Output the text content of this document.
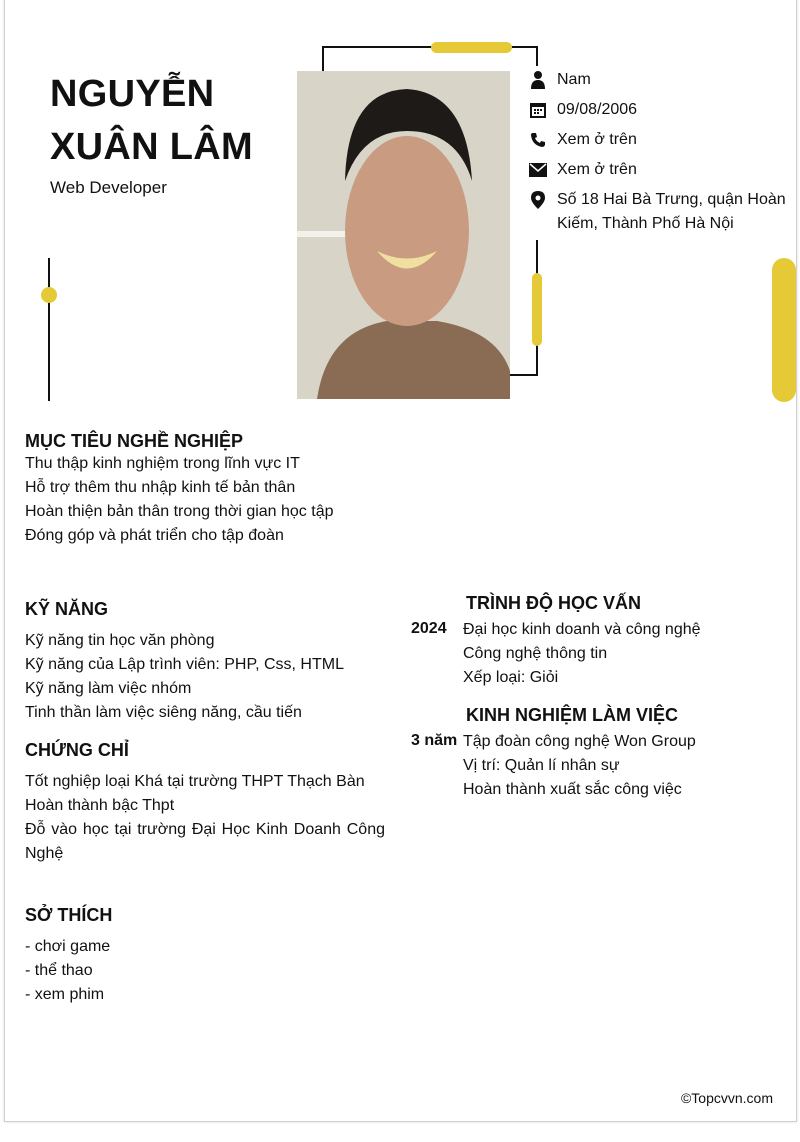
NGUYỄN
XUÂN LÂM
Web Developer
Nam
09/08/2006
Xem ở trên
Xem ở trên
Số 18 Hai Bà Trưng, quận Hoàn Kiếm, Thành Phố Hà Nội
MỤC TIÊU NGHỀ NGHIỆP
Thu thập kinh nghiệm trong lĩnh vực IT
Hỗ trợ thêm thu nhập kinh tế bản thân
Hoàn thiện bản thân trong thời gian học tập
Đóng góp và phát triển cho tập đoàn
KỸ NĂNG
Kỹ năng tin học văn phòng
Kỹ năng của Lập trình viên: PHP, Css, HTML
Kỹ năng làm việc nhóm
Tinh thần làm việc siêng năng, cầu tiến
CHỨNG CHỈ
Tốt nghiệp loại Khá tại trường THPT Thạch Bàn
Hoàn thành bậc Thpt
Đỗ vào học tại trường Đại Học Kinh Doanh Công Nghệ
SỞ THÍCH
- chơi game
- thể thao
- xem phim
TRÌNH ĐỘ HỌC VẤN
2024 Đại học kinh doanh và công nghệ
Công nghệ thông tin
Xếp loại: Giỏi
KINH NGHIỆM LÀM VIỆC
3 năm Tập đoàn công nghệ Won Group
Vị trí: Quản lí nhân sự
Hoàn thành xuất sắc công việc
©Topcvvn.com
